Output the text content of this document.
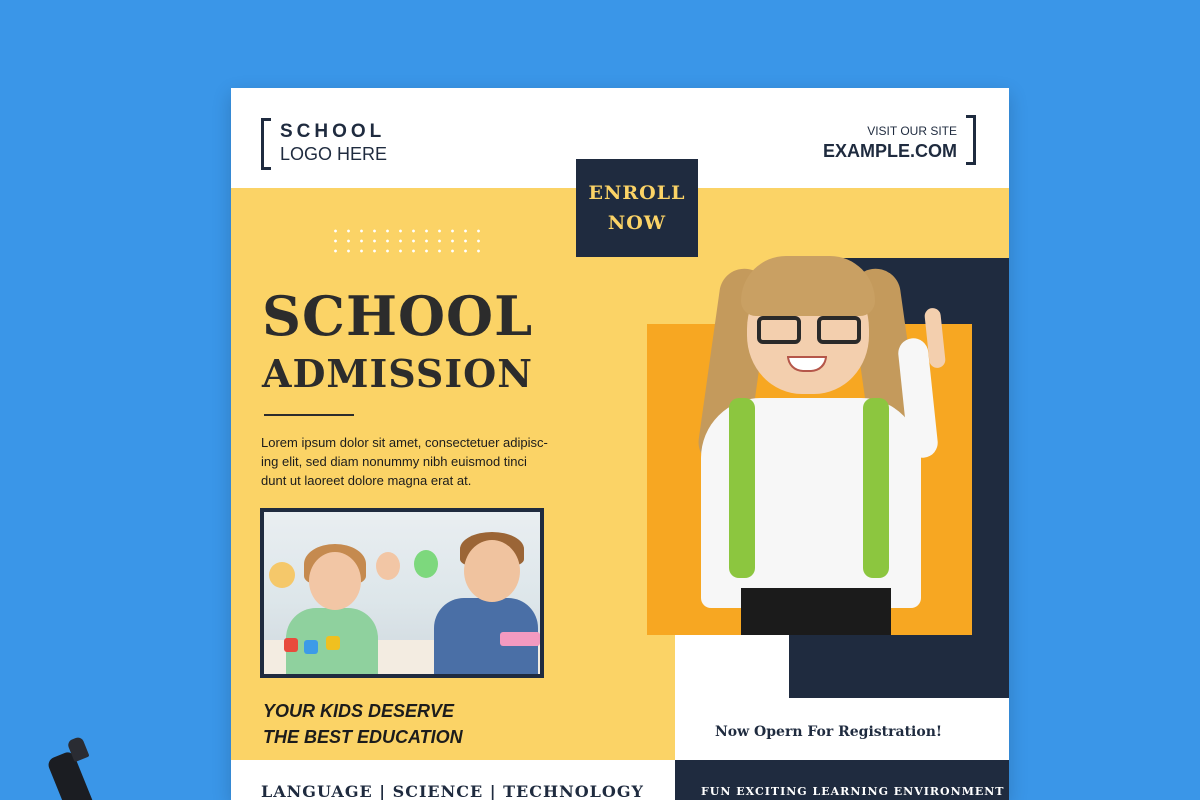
SCHOOL
LOGO HERE
VISIT OUR SITE
EXAMPLE.COM
ENROLL
NOW
SCHOOL
ADMISSION
Lorem ipsum dolor sit amet, consectetuer adipisc-
ing elit, sed diam nonummy nibh euismod tinci
dunt ut laoreet dolore magna erat at.
YOUR KIDS DESERVE
THE BEST EDUCATION	Now Opern For Registration!
LANGUAGE | SCIENCE | TECHNOLOGY	FUN EXCITING LEARNING ENVIRONMENT
